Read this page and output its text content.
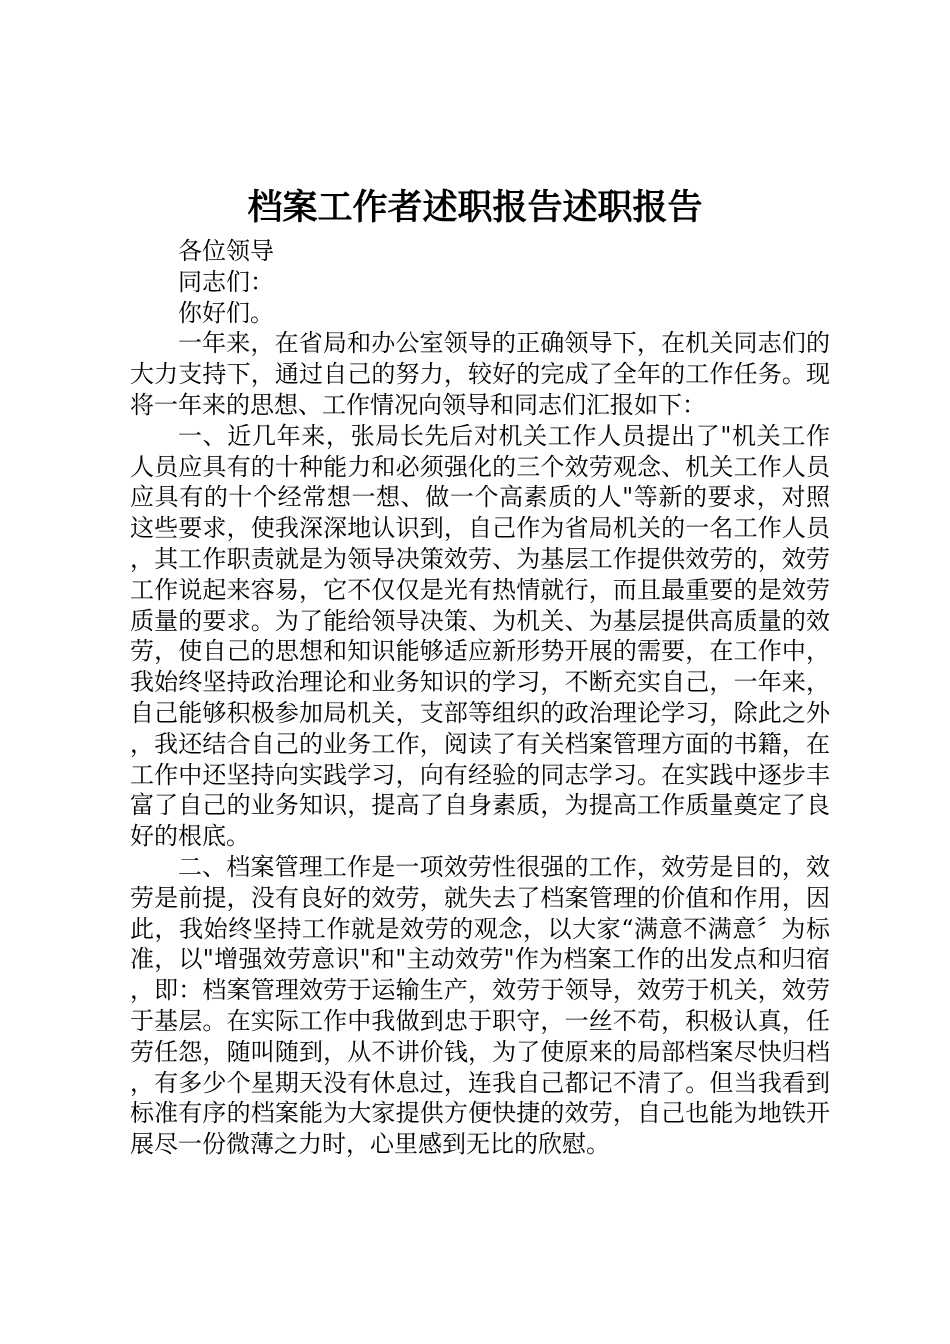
档案工作者述职报告述职报告

各位领导

同志们：

你好们。

一年来，在省局和办公室领导的正确领导下，在机关同志们的大力支持下，通过自己的努力，较好的完成了全年的工作任务。现将一年来的思想、工作情况向领导和同志们汇报如下：

一、近几年来，张局长先后对机关工作人员提出了"机关工作人员应具有的十种能力和必须强化的三个效劳观念、机关工作人员应具有的十个经常想一想、做一个高素质的人"等新的要求，对照这些要求，使我深深地认识到，自己作为省局机关的一名工作人员，其工作职责就是为领导决策效劳、为基层工作提供效劳的，效劳工作说起来容易，它不仅仅是光有热情就行，而且最重要的是效劳质量的要求。为了能给领导决策、为机关、为基层提供高质量的效劳，使自己的思想和知识能够适应新形势开展的需要，在工作中，我始终坚持政治理论和业务知识的学习，不断充实自己，一年来，自己能够积极参加局机关，支部等组织的政治理论学习，除此之外，我还结合自己的业务工作，阅读了有关档案管理方面的书籍，在工作中还坚持向实践学习，向有经验的同志学习。在实践中逐步丰富了自己的业务知识，提高了自身素质，为提高工作质量奠定了良好的根底。

二、档案管理工作是一项效劳性很强的工作，效劳是目的，效劳是前提，没有良好的效劳，就失去了档案管理的价值和作用，因此，我始终坚持工作就是效劳的观念，以大家“满意不满意〞为标准，以"增强效劳意识"和"主动效劳"作为档案工作的出发点和归宿，即：档案管理效劳于运输生产，效劳于领导，效劳于机关，效劳于基层。在实际工作中我做到忠于职守，一丝不苟，积极认真，任劳任怨，随叫随到，从不讲价钱，为了使原来的局部档案尽快归档，有多少个星期天没有休息过，连我自己都记不清了。但当我看到标准有序的档案能为大家提供方便快捷的效劳，自己也能为地铁开展尽一份微薄之力时，心里感到无比的欣慰。
